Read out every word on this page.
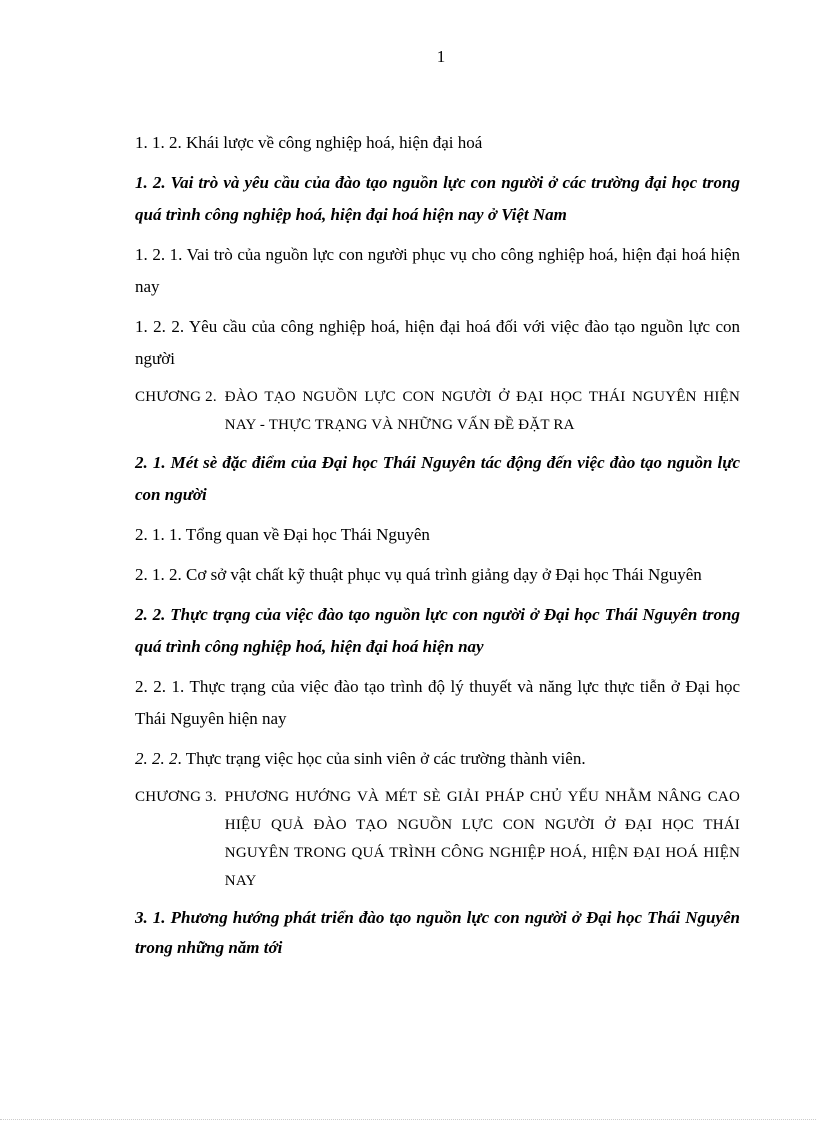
1

1. 1. 2. Khái lược về công nghiệp hoá, hiện đại hoá

1. 2. Vai trò và yêu cầu của đào tạo nguồn lực con người ở các trường đại học trong quá trình công nghiệp hoá, hiện đại hoá hiện nay ở Việt Nam

1. 2. 1. Vai trò của nguồn lực con người phục vụ cho công nghiệp hoá, hiện đại hoá hiện nay

1. 2. 2. Yêu cầu của công nghiệp hoá, hiện đại hoá đối với việc đào tạo nguồn lực con người

CHƯƠNG 2. ĐÀO TẠO NGUỒN LỰC CON NGƯỜI Ở ĐẠI HỌC THÁI NGUYÊN HIỆN NAY - THỰC TRẠNG VÀ NHỮNG VẤN ĐỀ ĐẶT RA

2. 1. Mét sè đặc điểm của Đại học Thái Nguyên tác động đến việc đào tạo nguồn lực con người

2. 1. 1. Tổng quan về Đại học Thái Nguyên

2. 1. 2. Cơ sở vật chất kỹ thuật phục vụ quá trình giảng dạy ở Đại học Thái Nguyên

2. 2. Thực trạng của việc đào tạo nguồn lực con người ở Đại học Thái Nguyên trong quá trình công nghiệp hoá, hiện đại hoá hiện nay

2. 2. 1. Thực trạng của việc đào tạo trình độ lý thuyết và năng lực thực tiễn ở Đại học Thái Nguyên hiện nay

2. 2. 2. Thực trạng việc học của sinh viên ở các trường thành viên.

CHƯƠNG 3. PHƯƠNG HƯỚNG VÀ MÉT SÈ GIẢI PHÁP CHỦ YẾU NHẰM NÂNG CAO HIỆU QUẢ ĐÀO TẠO NGUỒN LỰC CON NGƯỜI Ở ĐẠI HỌC THÁI NGUYÊN TRONG QUÁ TRÌNH CÔNG NGHIỆP HOÁ, HIỆN ĐẠI HOÁ HIỆN NAY

3. 1. Phương hướng phát triển đào tạo nguồn lực con người ở Đại học Thái Nguyên trong những năm tới
